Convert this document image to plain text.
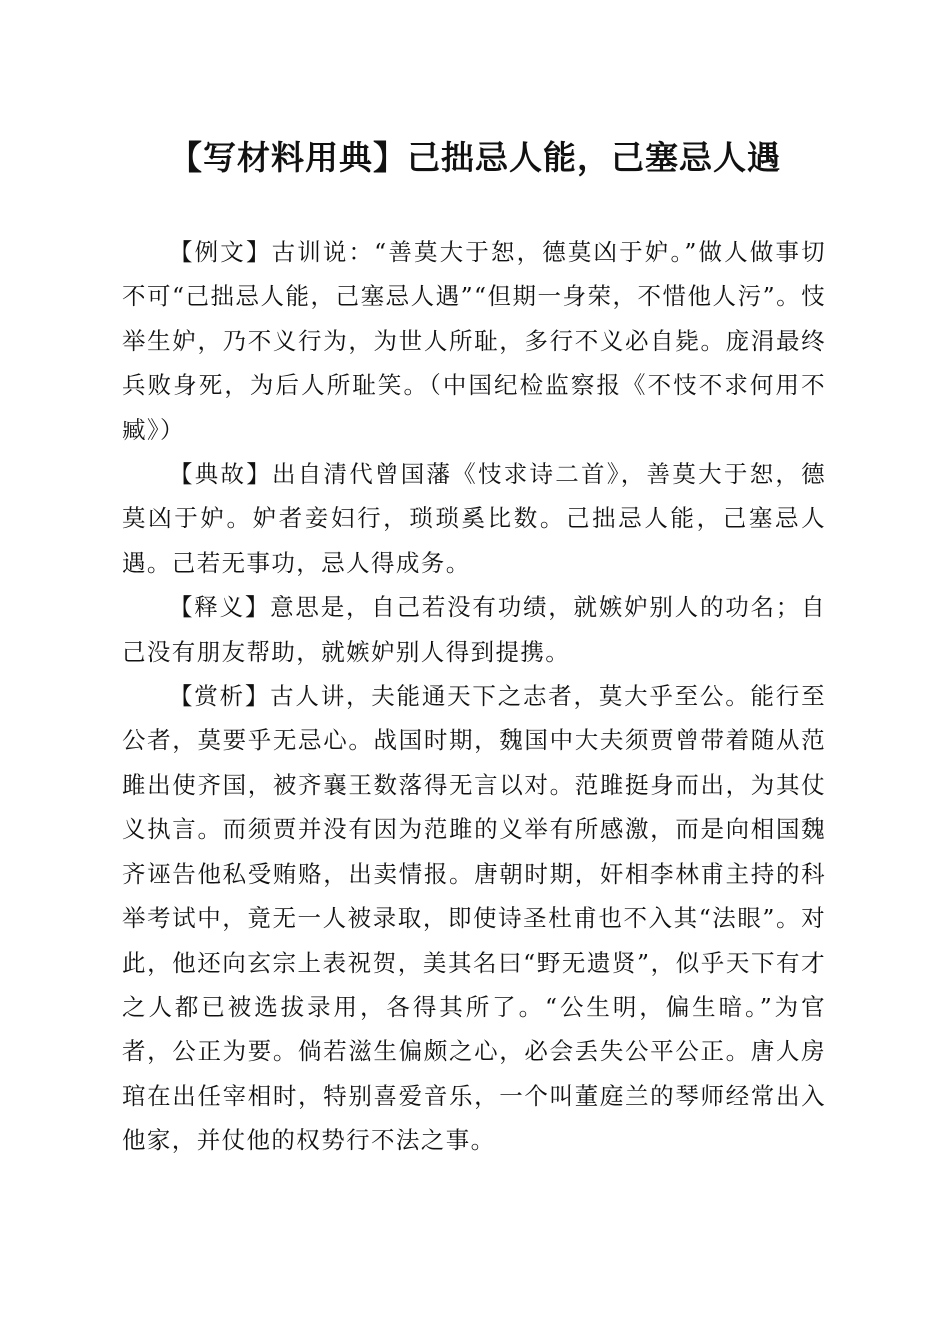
【写材料用典】己拙忌人能，己塞忌人遇

【例文】古训说：“善莫大于恕，德莫凶于妒。”做人做事切不可“己拙忌人能，己塞忌人遇”“但期一身荣，不惜他人污”。忮举生妒，乃不义行为，为世人所耻，多行不义必自毙。庞涓最终兵败身死，为后人所耻笑。（中国纪检监察报《不忮不求何用不臧》）

【典故】出自清代曾国藩《忮求诗二首》，善莫大于恕，德莫凶于妒。妒者妾妇行，琐琐奚比数。己拙忌人能，己塞忌人遇。己若无事功，忌人得成务。

【释义】意思是，自己若没有功绩，就嫉妒别人的功名；自己没有朋友帮助，就嫉妒别人得到提携。

【赏析】古人讲，夫能通天下之志者，莫大乎至公。能行至公者，莫要乎无忌心。战国时期，魏国中大夫须贾曾带着随从范雎出使齐国，被齐襄王数落得无言以对。范雎挺身而出，为其仗义执言。而须贾并没有因为范雎的义举有所感激，而是向相国魏齐诬告他私受贿赂，出卖情报。唐朝时期，奸相李林甫主持的科举考试中，竟无一人被录取，即使诗圣杜甫也不入其“法眼”。对此，他还向玄宗上表祝贺，美其名曰“野无遗贤”，似乎天下有才之人都已被选拔录用，各得其所了。“公生明，偏生暗。”为官者，公正为要。倘若滋生偏颇之心，必会丢失公平公正。唐人房琯在出任宰相时，特别喜爱音乐，一个叫董庭兰的琴师经常出入他家，并仗他的权势行不法之事。
